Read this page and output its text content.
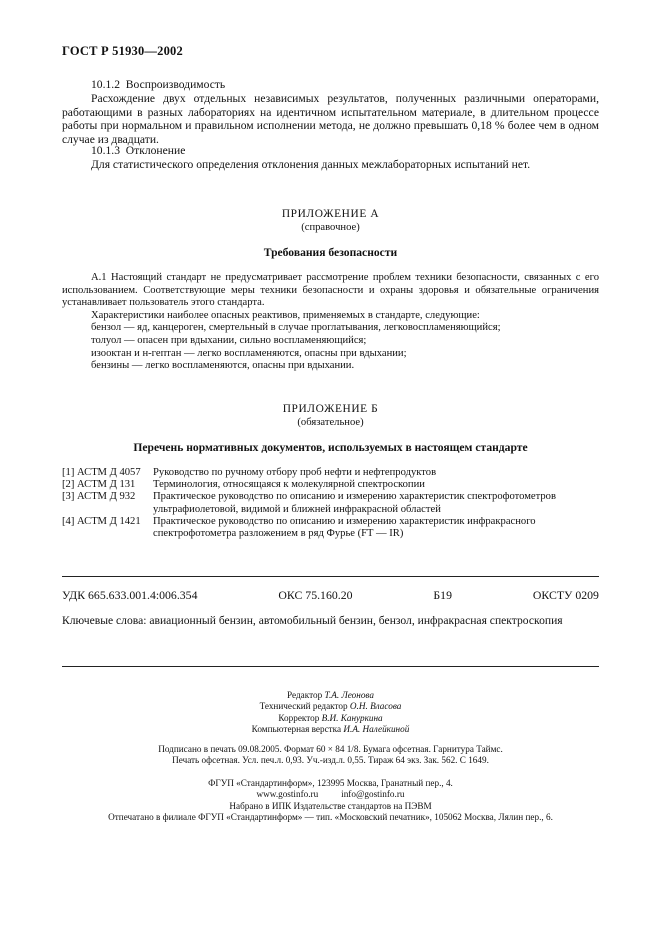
ГОСТ Р 51930—2002
10.1.2 Воспроизводимость

Расхождение двух отдельных независимых результатов, полученных различными операторами, работающими в разных лабораториях на идентичном испытательном материале, в длительном процессе работы при нормальном и правильном исполнении метода, не должно превышать 0,18 % более чем в одном случае из двадцати.

10.1.3 Отклонение

Для статистического определения отклонения данных межлабораторных испытаний нет.

ПРИЛОЖЕНИЕ А
(справочное)
Требования безопасности

А.1 Настоящий стандарт не предусматривает рассмотрение проблем техники безопасности, связанных с его использованием. Соответствующие меры техники безопасности и охраны здоровья и обязательные ограничения устанавливает пользователь этого стандарта.

Характеристики наиболее опасных реактивов, применяемых в стандарте, следующие:

бензол — яд, канцероген, смертельный в случае проглатывания, легковоспламеняющийся;

толуол — опасен при вдыхании, сильно воспламеняющийся;

изооктан и н-гептан — легко воспламеняются, опасны при вдыхании;

бензины — легко воспламеняются, опасны при вдыхании.

ПРИЛОЖЕНИЕ Б
(обязательное)
Перечень нормативных документов, используемых в настоящем стандарте
[1] АСТМ Д 4057	Руководство по ручному отбору проб нефти и нефтепродуктов
[2] АСТМ Д 131	Терминология, относящаяся к молекулярной спектроскопии
[3] АСТМ Д 932	Практическое руководство по описанию и измерению характеристик спектрофотометров ультрафиолетовой, видимой и ближней инфракрасной областей
[4] АСТМ Д 1421	Практическое руководство по описанию и измерению характеристик инфракрасного спектрофотометра разложением в ряд Фурье (FT — IR)
УДК 665.633.001.4:006.354	ОКС 75.160.20	Б19	ОКСТУ 0209
Ключевые слова: авиационный бензин, автомобильный бензин, бензол, инфракрасная спектроскопия
Редактор Т.А. Леонова
Технический редактор О.Н. Власова
Корректор В.И. Кануркина
Компьютерная верстка И.А. Налейкиной
Подписано в печать 09.08.2005. Формат 60 × 84 1/8. Бумага офсетная. Гарнитура Таймс.
Печать офсетная. Усл. печ.л. 0,93. Уч.-изд.л. 0,55. Тираж 64 экз. Зак. 562. С 1649.
ФГУП «Стандартинформ», 123995 Москва, Гранатный пер., 4.
www.gostinfo.ru          info@gostinfo.ru
Набрано в ИПК Издательстве стандартов на ПЭВМ
Отпечатано в филиале ФГУП «Стандартинформ» — тип. «Московский печатник», 105062 Москва, Лялин пер., 6.
